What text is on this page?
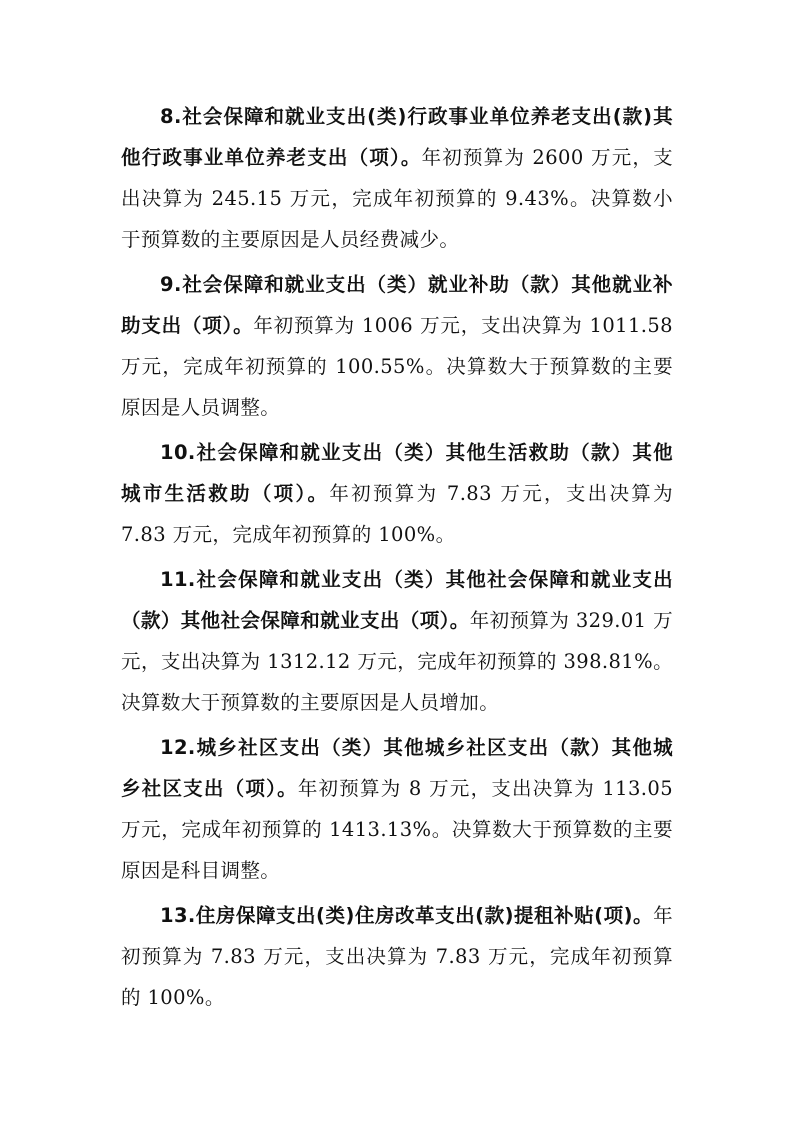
8.社会保障和就业支出(类)行政事业单位养老支出(款)其他行政事业单位养老支出（项）。年初预算为 2600 万元，支出决算为 245.15 万元，完成年初预算的 9.43%。决算数小于预算数的主要原因是人员经费减少。

9.社会保障和就业支出（类）就业补助（款）其他就业补助支出（项）。年初预算为 1006 万元，支出决算为 1011.58 万元，完成年初预算的 100.55%。决算数大于预算数的主要原因是人员调整。

10.社会保障和就业支出（类）其他生活救助（款）其他城市生活救助（项）。年初预算为 7.83 万元，支出决算为 7.83 万元，完成年初预算的 100%。

11.社会保障和就业支出（类）其他社会保障和就业支出（款）其他社会保障和就业支出（项）。年初预算为 329.01 万元，支出决算为 1312.12 万元，完成年初预算的 398.81%。决算数大于预算数的主要原因是人员增加。

12.城乡社区支出（类）其他城乡社区支出（款）其他城乡社区支出（项）。年初预算为 8 万元，支出决算为 113.05 万元，完成年初预算的 1413.13%。决算数大于预算数的主要原因是科目调整。

13.住房保障支出(类)住房改革支出(款)提租补贴(项)。年初预算为 7.83 万元，支出决算为 7.83 万元，完成年初预算的 100%。
